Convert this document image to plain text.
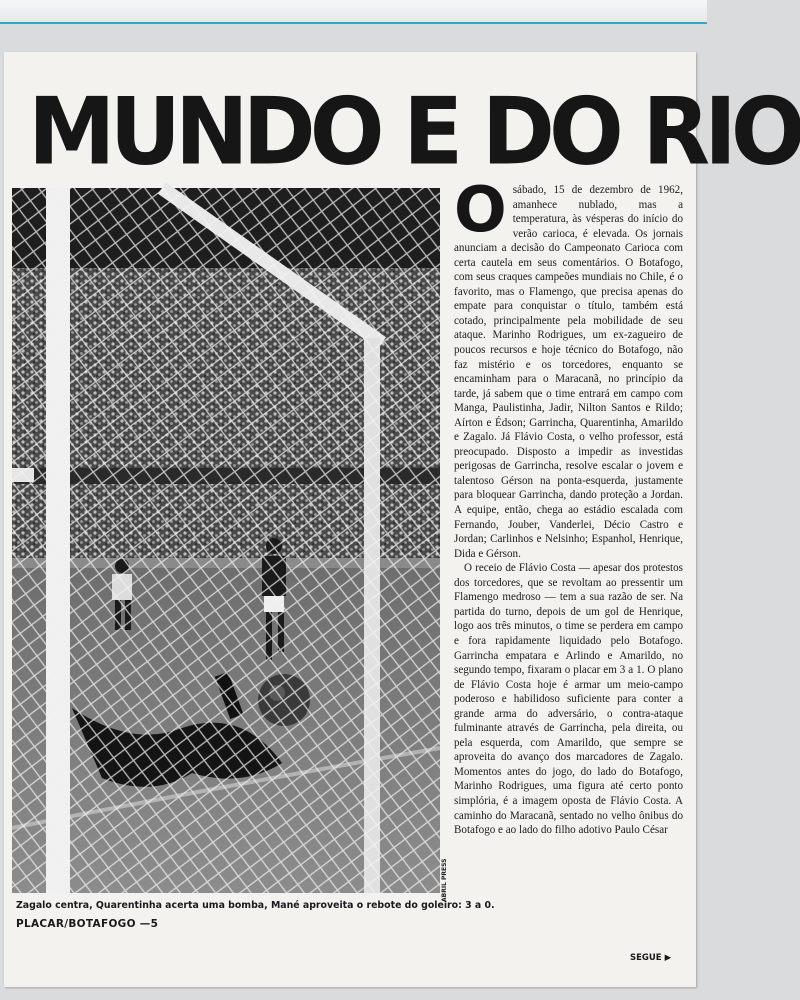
MUNDO E DO RIO
ABRIL PRESS
Zagalo centra, Quarentinha acerta uma bomba, Mané aproveita o rebote do goleiro: 3 a 0.
PLACAR/BOTAFOGO —5

Osábado, 15 de dezembro de 1962, amanhece nublado, mas a temperatura, às vésperas do início do verão carioca, é elevada. Os jornais anunciam a decisão do Campeonato Carioca com certa cautela em seus comentários. O Botafogo, com seus craques campeões mundiais no Chile, é o favorito, mas o Flamengo, que precisa apenas do empate para conquistar o título, também está cotado, principalmente pela mobilidade de seu ataque. Marinho Rodrigues, um ex-zagueiro de poucos recursos e hoje técnico do Botafogo, não faz mistério e os torcedores, enquanto se encaminham para o Maracanã, no princípio da tarde, já sabem que o time entrará em campo com Manga, Paulistinha, Jadir, Nilton Santos e Rildo; Aírton e Édson; Garrincha, Quarentinha, Amarildo e Zagalo. Já Flávio Costa, o velho professor, está preocupado. Disposto a impedir as investidas perigosas de Garrincha, resolve escalar o jovem e talentoso Gérson na ponta-esquerda, justamente para bloquear Garrincha, dando proteção a Jordan. A equipe, então, chega ao estádio escalada com Fernando, Jouber, Vanderlei, Décio Castro e Jordan; Carlinhos e Nelsinho; Espanhol, Henrique, Dida e Gérson.

O receio de Flávio Costa — apesar dos protestos dos torcedores, que se revoltam ao pressentir um Flamengo medroso — tem a sua razão de ser. Na partida do turno, depois de um gol de Henrique, logo aos três minutos, o time se perdera em campo e fora rapidamente liquidado pelo Botafogo. Garrincha empatara e Arlindo e Amarildo, no segundo tempo, fixaram o placar em 3 a 1. O plano de Flávio Costa hoje é armar um meio-campo poderoso e habilidoso suficiente para conter a grande arma do adversário, o contra-ataque fulminante através de Garrincha, pela direita, ou pela esquerda, com Amarildo, que sempre se aproveita do avanço dos marcadores de Zagalo. Momentos antes do jogo, do lado do Botafogo, Marinho Rodrigues, uma figura até certo ponto simplória, é a imagem oposta de Flávio Costa. A caminho do Maracanã, sentado no velho ônibus do Botafogo e ao lado do filho adotivo Paulo César

SEGUE ▶
